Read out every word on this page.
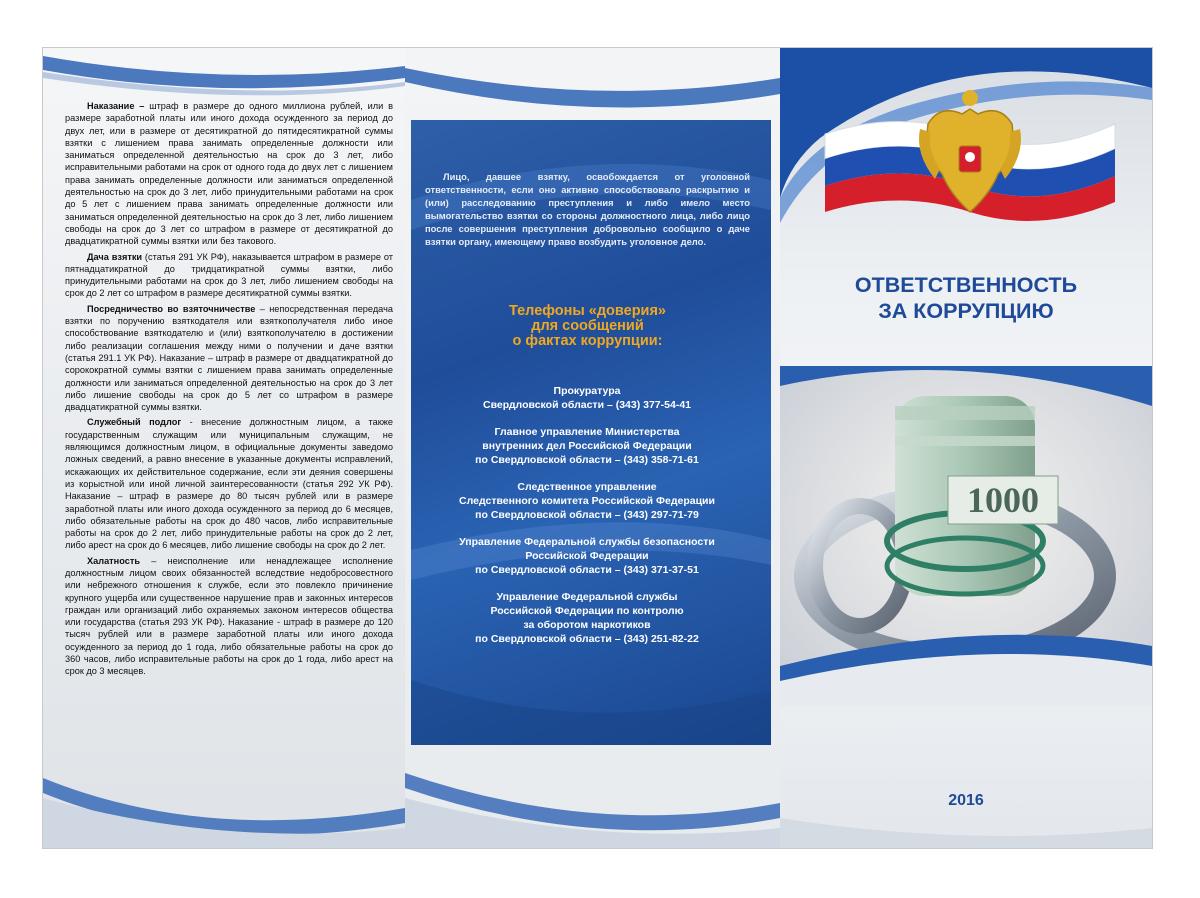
Наказание – штраф в размере до одного миллиона рублей, или в размере заработной платы или иного дохода осужденного за период до двух лет, или в размере от десятикратной до пятидесятикратной суммы взятки с лишением права занимать определенные должности или заниматься определенной деятельностью на срок до 3 лет, либо исправительными работами на срок от одного года до двух лет с лишением права занимать определенные должности или заниматься определенной деятельностью на срок до 3 лет, либо принудительными работами на срок до 5 лет с лишением права занимать определенные должности или заниматься определенной деятельностью на срок до 3 лет, либо лишением свободы на срок до 3 лет со штрафом в размере от десятикратной до двадцатикратной суммы взятки или без такового.

Дача взятки (статья 291 УК РФ), наказывается штрафом в размере от пятнадцатикратной до тридцатикратной суммы взятки, либо принудительными работами на срок до 3 лет, либо лишением свободы на срок до 2 лет со штрафом в размере десятикратной суммы взятки.

Посредничество во взяточничестве – непосредственная передача взятки по поручению взяткодателя или взяткополучателя либо иное способствование взяткодателю и (или) взяткополучателю в достижении либо реализации соглашения между ними о получении и даче взятки (статья 291.1 УК РФ). Наказание – штраф в размере от двадцатикратной до сорокократной суммы взятки с лишением права занимать определенные должности или заниматься определенной деятельностью на срок до 3 лет либо лишение свободы на срок до 5 лет со штрафом в размере двадцатикратной суммы взятки.

Служебный подлог - внесение должностным лицом, а также государственным служащим или муниципальным служащим, не являющимся должностным лицом, в официальные документы заведомо ложных сведений, а равно внесение в указанные документы исправлений, искажающих их действительное содержание, если эти деяния совершены из корыстной или иной личной заинтересованности (статья 292 УК РФ). Наказание – штраф в размере до 80 тысяч рублей или в размере заработной платы или иного дохода осужденного за период до 6 месяцев, либо обязательные работы на срок до 480 часов, либо исправительные работы на срок до 2 лет, либо принудительные работы на срок до 2 лет, либо арест на срок до 6 месяцев, либо лишение свободы на срок до 2 лет.

Халатность – неисполнение или ненадлежащее исполнение должностным лицом своих обязанностей вследствие недобросовестного или небрежного отношения к службе, если это повлекло причинение крупного ущерба или существенное нарушение прав и законных интересов граждан или организаций либо охраняемых законом интересов общества или государства (статья 293 УК РФ). Наказание - штраф в размере до 120 тысяч рублей или в размере заработной платы или иного дохода осужденного за период до 1 года, либо обязательные работы на срок до 360 часов, либо исправительные работы на срок до 1 года, либо арест на срок до 3 месяцев.

Лицо, давшее взятку, освобождается от уголовной ответственности, если оно активно способствовало раскрытию и (или) расследованию преступления и либо имело место вымогательство взятки со стороны должностного лица, либо лицо после совершения преступления добровольно сообщило о даче взятки органу, имеющему право возбудить уголовное дело.

Телефоны «доверия»
для сообщений
о фактах коррупции:
Прокуратура
Свердловской области – (343) 377-54-41
Главное управление Министерства
внутренних дел Российской Федерации
по Свердловской области – (343) 358-71-61
Следственное управление
Следственного комитета Российской Федерации
по Свердловской области – (343) 297-71-79
Управление Федеральной службы безопасности
Российской Федерации
по Свердловской области – (343) 371-37-51
Управление Федеральной службы
Российской Федерации по контролю
за оборотом наркотиков
по Свердловской области – (343) 251-82-22
ОТВЕТСТВЕННОСТЬ
ЗА КОРРУПЦИЮ
1000
2016
